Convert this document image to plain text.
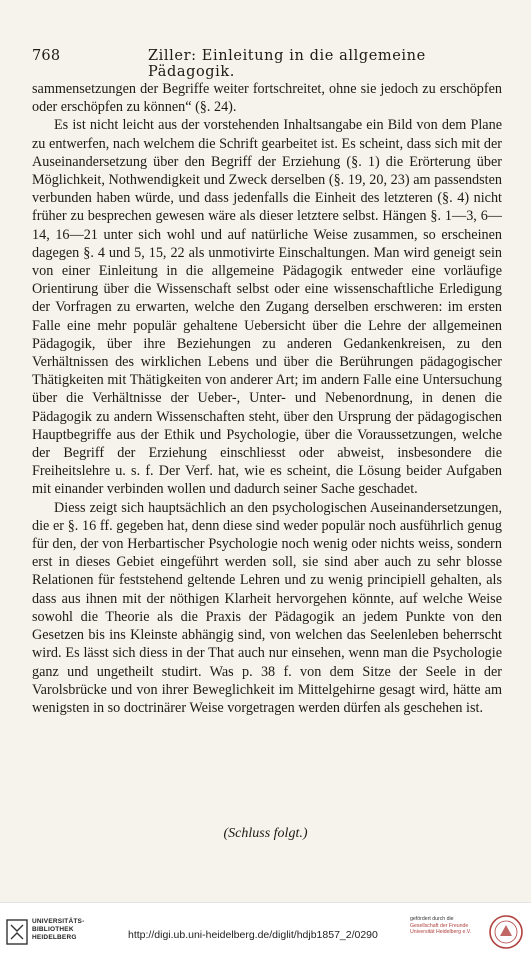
768	Ziller: Einleitung in die allgemeine Pädagogik.

sammensetzungen der Begriffe weiter fortschreitet, ohne sie jedoch zu erschöpfen oder erschöpfen zu können“ (§. 24).

Es ist nicht leicht aus der vorstehenden Inhaltsangabe ein Bild von dem Plane zu entwerfen, nach welchem die Schrift gearbeitet ist. Es scheint, dass sich mit der Auseinandersetzung über den Begriff der Erziehung (§. 1) die Erörterung über Möglichkeit, Nothwendigkeit und Zweck derselben (§. 19, 20, 23) am passendsten verbunden haben würde, und dass jedenfalls die Einheit des letzteren (§. 4) nicht früher zu besprechen gewesen wäre als dieser letztere selbst. Hängen §. 1—3, 6—14, 16—21 unter sich wohl und auf natürliche Weise zusammen, so erscheinen dagegen §. 4 und 5, 15, 22 als unmotivirte Einschaltungen. Man wird geneigt sein von einer Einleitung in die allgemeine Pädagogik entweder eine vorläufige Orientirung über die Wissenschaft selbst oder eine wissenschaftliche Erledigung der Vorfragen zu erwarten, welche den Zugang derselben erschweren: im ersten Falle eine mehr populär gehaltene Uebersicht über die Lehre der allgemeinen Pädagogik, über ihre Beziehungen zu anderen Gedankenkreisen, zu den Verhältnissen des wirklichen Lebens und über die Berührungen pädagogischer Thätigkeiten mit Thätigkeiten von anderer Art; im andern Falle eine Untersuchung über die Verhältnisse der Ueber-, Unter- und Nebenordnung, in denen die Pädagogik zu andern Wissenschaften steht, über den Ursprung der pädagogischen Hauptbegriffe aus der Ethik und Psychologie, über die Voraussetzungen, welche der Begriff der Erziehung einschliesst oder abweist, insbesondere die Freiheitslehre u. s. f. Der Verf. hat, wie es scheint, die Lösung beider Aufgaben mit einander verbinden wollen und dadurch seiner Sache geschadet.

Diess zeigt sich hauptsächlich an den psychologischen Auseinandersetzungen, die er §. 16 ff. gegeben hat, denn diese sind weder populär noch ausführlich genug für den, der von Herbartischer Psychologie noch wenig oder nichts weiss, sondern erst in dieses Gebiet eingeführt werden soll, sie sind aber auch zu sehr blosse Relationen für feststehend geltende Lehren und zu wenig principiell gehalten, als dass aus ihnen mit der nöthigen Klarheit hervorgehen könnte, auf welche Weise sowohl die Theorie als die Praxis der Pädagogik an jedem Punkte von den Gesetzen bis ins Kleinste abhängig sind, von welchen das Seelenleben beherrscht wird. Es lässt sich diess in der That auch nur einsehen, wenn man die Psychologie ganz und ungetheilt studirt. Was p. 38 f. von dem Sitze der Seele in der Varolsbrücke und von ihrer Beweglichkeit im Mittelgehirne gesagt wird, hätte am wenigsten in so doctrinärer Weise vorgetragen werden dürfen als geschehen ist.

(Schluss folgt.)
UNIVERSITÄTS-
BIBLIOTHEK
HEIDELBERG	http://digi.ub.uni-heidelberg.de/diglit/hdjb1857_2/0290
gefördert durch die
Gesellschaft der Freunde
Universität Heidelberg e.V.
